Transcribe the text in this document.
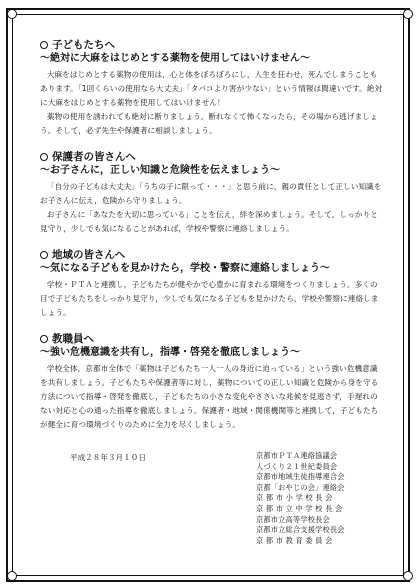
子どもたちへ
～絶対に大麻をはじめとする薬物を使用してはいけません～

大麻をはじめとする薬物の使用は，心と体をぼろぼろにし，人生を狂わせ，死んでしまうこともあります。「1回くらいの使用なら大丈夫」「タバコより害が少ない」という情報は間違いです。絶対に大麻をはじめとする薬物を使用してはいけません！

薬物の使用を誘われても絶対に断りましょう。断れなくて怖くなったら，その場から逃げましょう。そして，必ず先生や保護者に相談しましょう。

保護者の皆さんへ
～お子さんに，正しい知識と危険性を伝えましょう～

「自分の子どもは大丈夫」「うちの子に限って・・・」と思う前に，親の責任として正しい知識をお子さんに伝え，危険から守りましょう。

お子さんに「あなたを大切に思っている」ことを伝え，絆を深めましょう。そして，しっかりと見守り，少しでも気になることがあれば，学校や警察に連絡しましょう。

地域の皆さんへ
～気になる子どもを見かけたら，学校・警察に連絡しましょう～

学校・ＰＴＡと連携し，子どもたちが健やかで心豊かに育まれる環境をつくりましょう。多くの目で子どもたちをしっかり見守り，少しでも気になる子どもを見かけたら，学校や警察に連絡しましょう。

教職員へ
～強い危機意識を共有し，指導・啓発を徹底しましょう～

学校全体，京都市全体で「薬物は子どもたち一人一人の身近に迫っている」という強い危機意識を共有しましょう。子どもたちや保護者等に対し，薬物についての正しい知識と危険から身を守る方法について指導・啓発を徹底し，子どもたちの小さな変化やささいな兆候を見逃さず，手遅れのない対応と心の通った指導を徹底しましょう。保護者・地域・関係機関等と連携して，子どもたちが健全に育つ環境づくりのために全力を尽くしましょう。

平成２８年３月１０日	京都市ＰＴＡ連絡協議会
人づくり２１世紀委員会
京都市地域生徒指導連合会
京都「おやじの会」連絡会
京 都 市 小 学 校 長 会
京 都 市 立 中 学 校 長 会
京都市立高等学校長会
京都市立総合支援学校長会
京 都 市 教 育 委 員 会
